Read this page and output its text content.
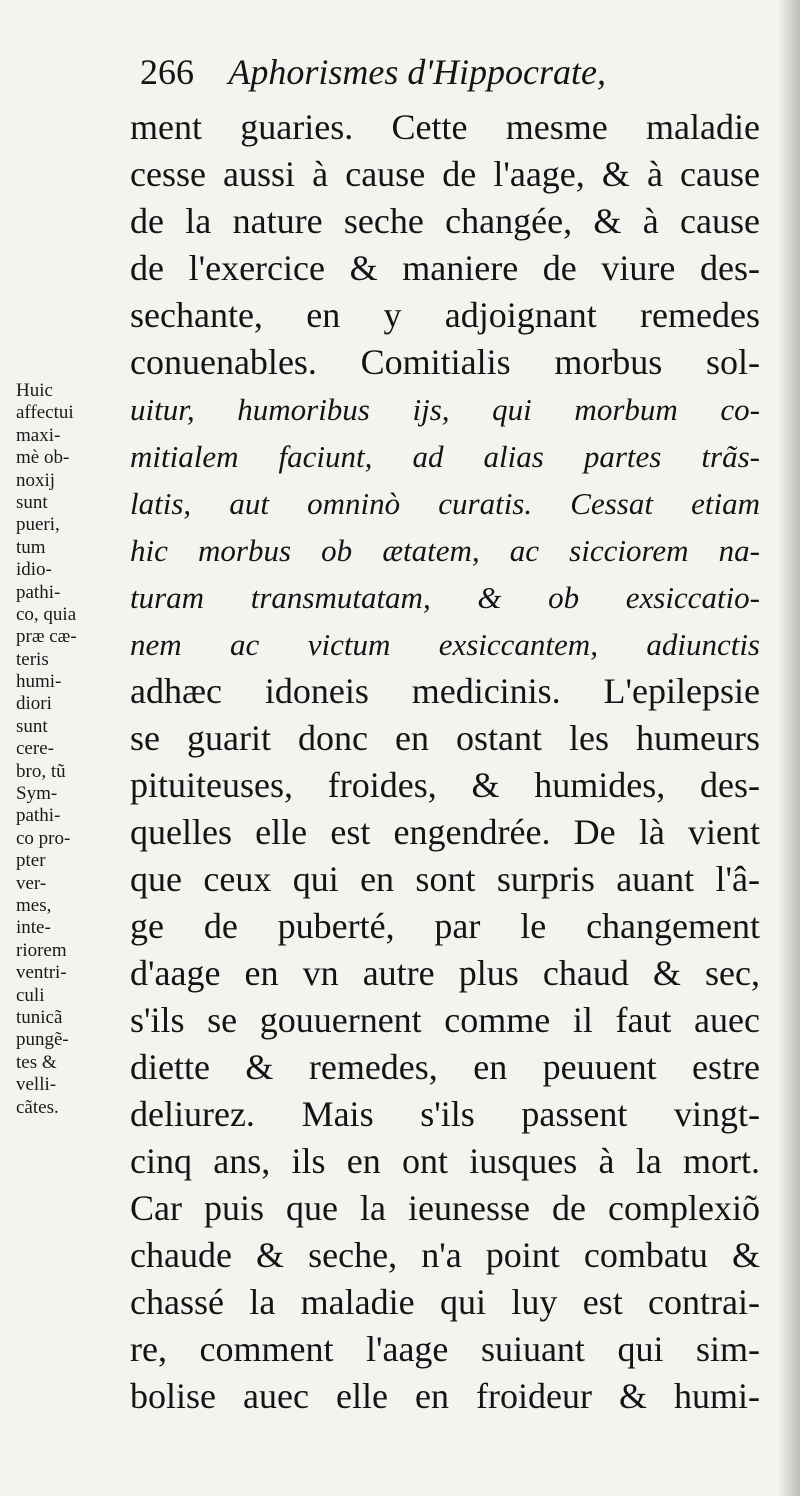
266 Aphorismes d'Hippocrate,
ment guaries. Cette mesme maladie
cesse aussi à cause de l'aage, & à cause
de la nature seche changée, & à cause
de l'exercice & maniere de viure des-
sechante, en y adjoignant remedes
conuenables. Comitialis morbus sol-
uitur, humoribus ijs, qui morbum co-
mitialem faciunt, ad alias partes trãs-
latis, aut omninò curatis. Cessat etiam
hic morbus ob ætatem, ac sicciorem na-
turam transmutatam, & ob exsiccatio-
nem ac victum exsiccantem, adiunctis
adhæc idoneis medicinis. L'epilepsie
se guarit donc en ostant les humeurs
pituiteuses, froides, & humides, des-
quelles elle est engendrée. De là vient
que ceux qui en sont surpris auant l'â-
ge de puberté, par le changement
d'aage en vn autre plus chaud & sec,
s'ils se gouuernent comme il faut auec
diette & remedes, en peuuent estre
deliurez. Mais s'ils passent vingt-
cinq ans, ils en ont iusques à la mort.
Car puis que la ieunesse de complexiõ
chaude & seche, n'a point combatu &
chassé la maladie qui luy est contrai-
re, comment l'aage suiuant qui sim-
bolise auec elle en froideur & humi-
Huic
affectui
maxi-
mè ob-
noxij
sunt
pueri,
tum
idio-
pathi-
co, quia
præ cæ-
teris
humi-
diori
sunt
cere-
bro, tũ
Sym-
pathi-
co pro-
pter
ver-
mes,
inte-
riorem
ventri-
culi
tunicã
pungẽ-
tes &
velli-
cãtes.
